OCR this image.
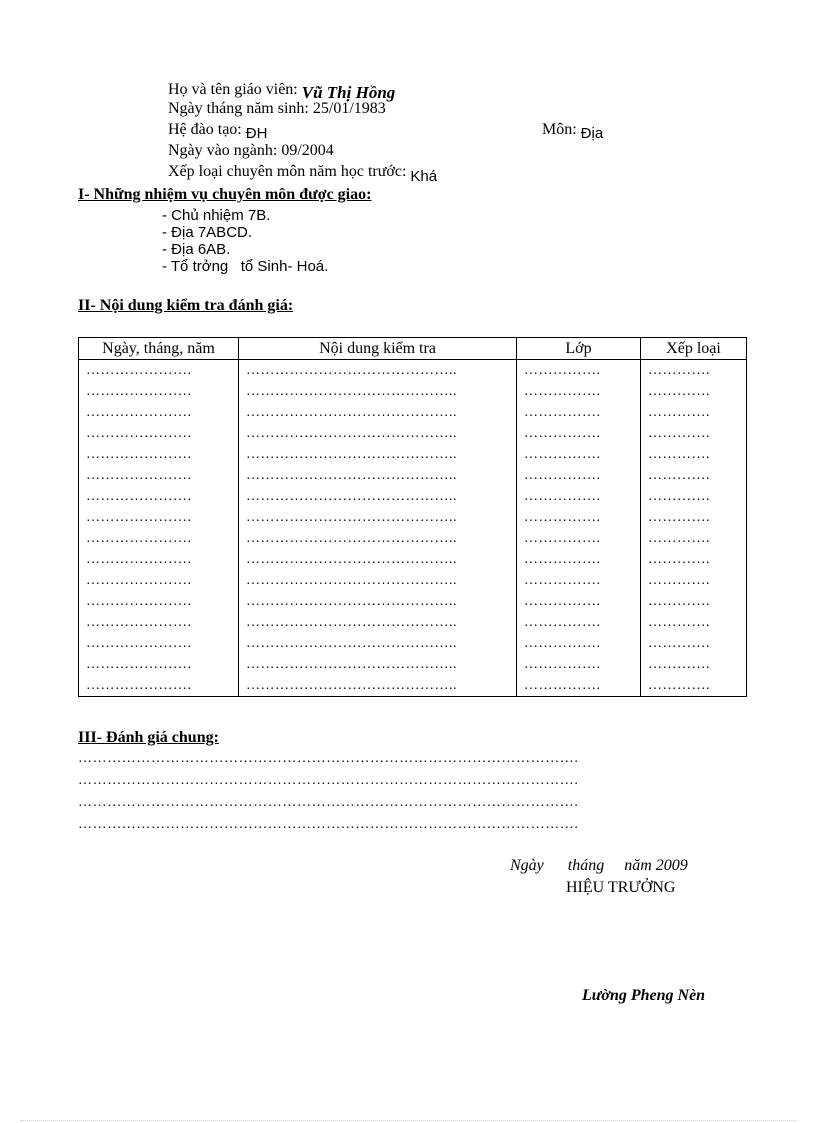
Họ và tên giáo viên: Vũ Thị Hồng
Ngày tháng năm sinh: 25/01/1983
Hệ đào tạo: ĐH	Môn: Địa
Ngày vào ngành: 09/2004
Xếp loại chuyên môn năm học trước: Khá
I- Những nhiệm vụ chuyên môn được giao:
- Chủ nhiệm 7B.
- Địa 7ABCD.
- Địa 6AB.
- Tổ trởng   tổ Sinh- Hoá.
II- Nội dung kiểm tra đánh giá:
Ngày, tháng, năm	Nội dung kiểm tra	Lớp	Xếp loại
………………….	……………………………………..	…………….	………….
………………….	……………………………………..	…………….	………….
………………….	……………………………………..	…………….	………….
………………….	……………………………………..	…………….	………….
………………….	……………………………………..	…………….	………….
………………….	……………………………………..	…………….	………….
………………….	……………………………………..	…………….	………….
………………….	……………………………………..	…………….	………….
………………….	……………………………………..	…………….	………….
………………….	……………………………………..	…………….	………….
………………….	……………………………………..	…………….	………….
………………….	……………………………………..	…………….	………….
………………….	……………………………………..	…………….	………….
………………….	……………………………………..	…………….	………….
………………….	……………………………………..	…………….	………….
………………….	……………………………………..	…………….	………….
III- Đánh giá chung:
………………………………………………………………………………………….
………………………………………………………………………………………….
………………………………………………………………………………………….
………………………………………………………………………………………….
Ngày      tháng     năm 2009
HIỆU TRƯỞNG
Lường Pheng Nèn
